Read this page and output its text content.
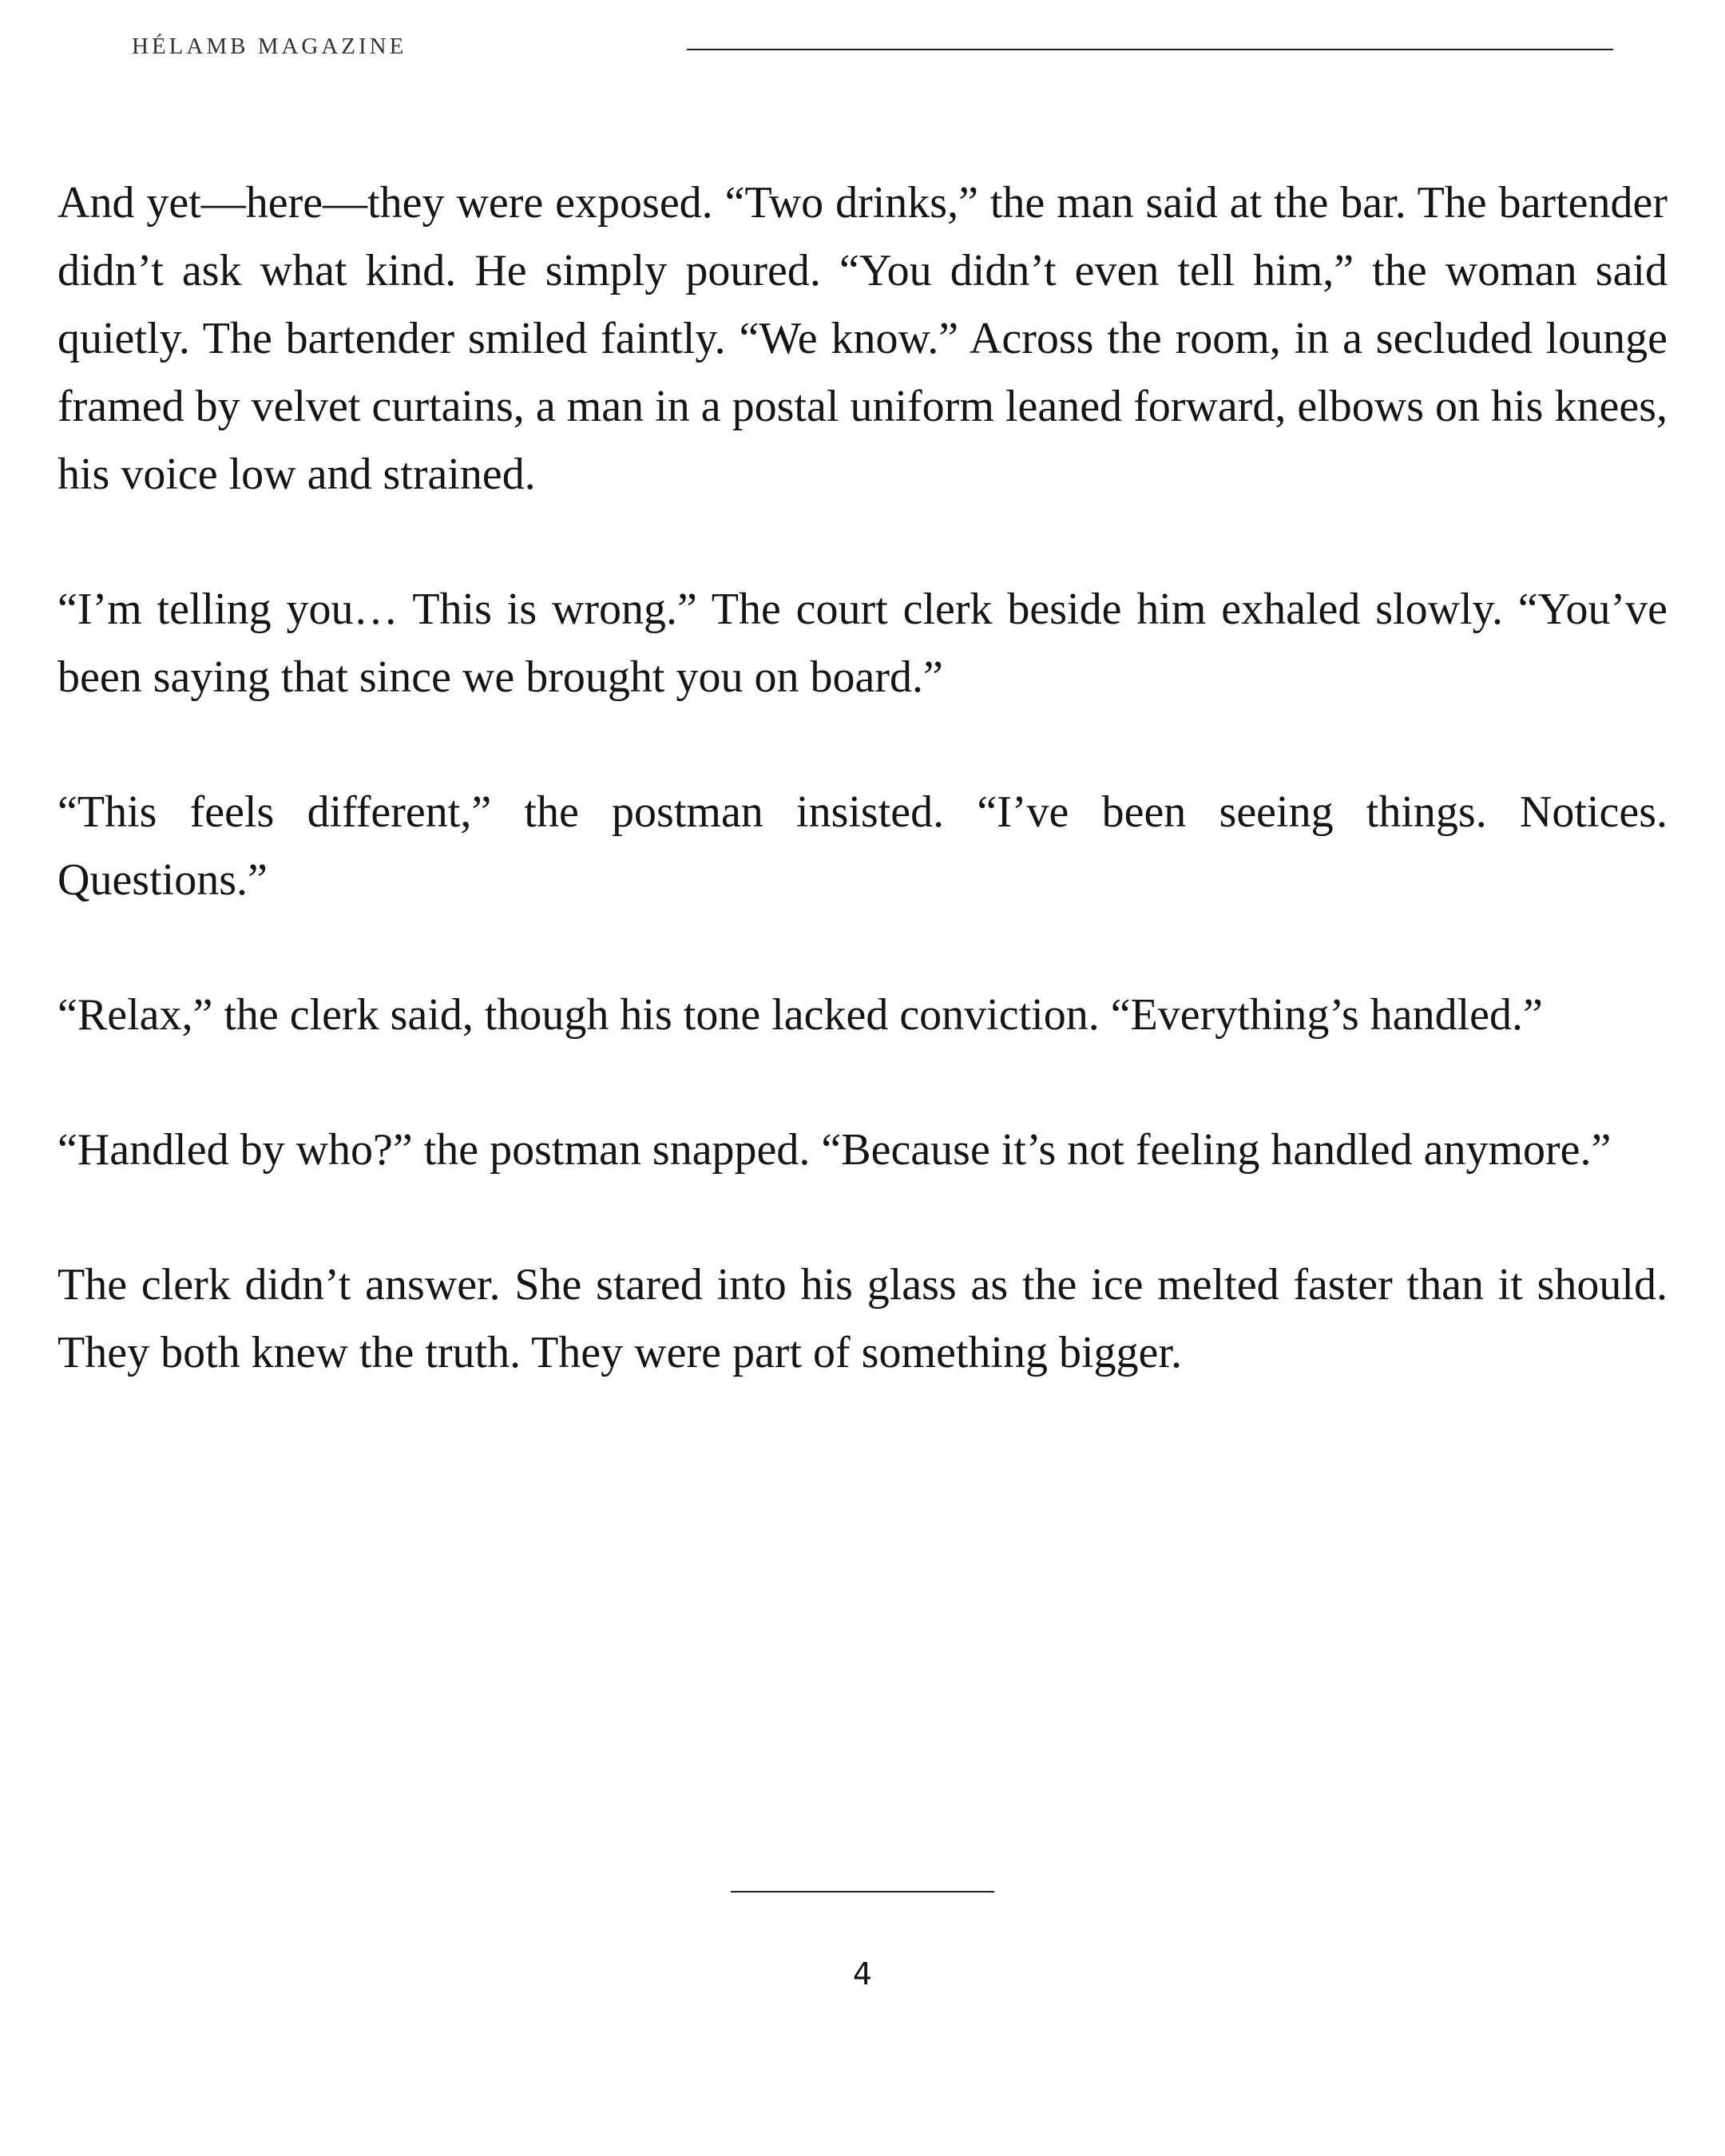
HÉLAMB MAGAZINE

And yet—here—they were exposed. “Two drinks,” the man said at the bar. The bartender didn’t ask what kind. He simply poured. “You didn’t even tell him,” the woman said quietly. The bartender smiled faintly. “We know.” Across the room, in a secluded lounge framed by velvet curtains, a man in a postal uniform leaned forward, elbows on his knees, his voice low and strained.

“I’m telling you… This is wrong.” The court clerk beside him exhaled slowly. “You’ve been saying that since we brought you on board.”

“This feels different,” the postman insisted. “I’ve been seeing things. Notices. Questions.”

“Relax,” the clerk said, though his tone lacked conviction. “Everything’s handled.”

“Handled by who?” the postman snapped. “Because it’s not feeling handled anymore.”

The clerk didn’t answer. She stared into his glass as the ice melted faster than it should. They both knew the truth. They were part of something bigger.

4
